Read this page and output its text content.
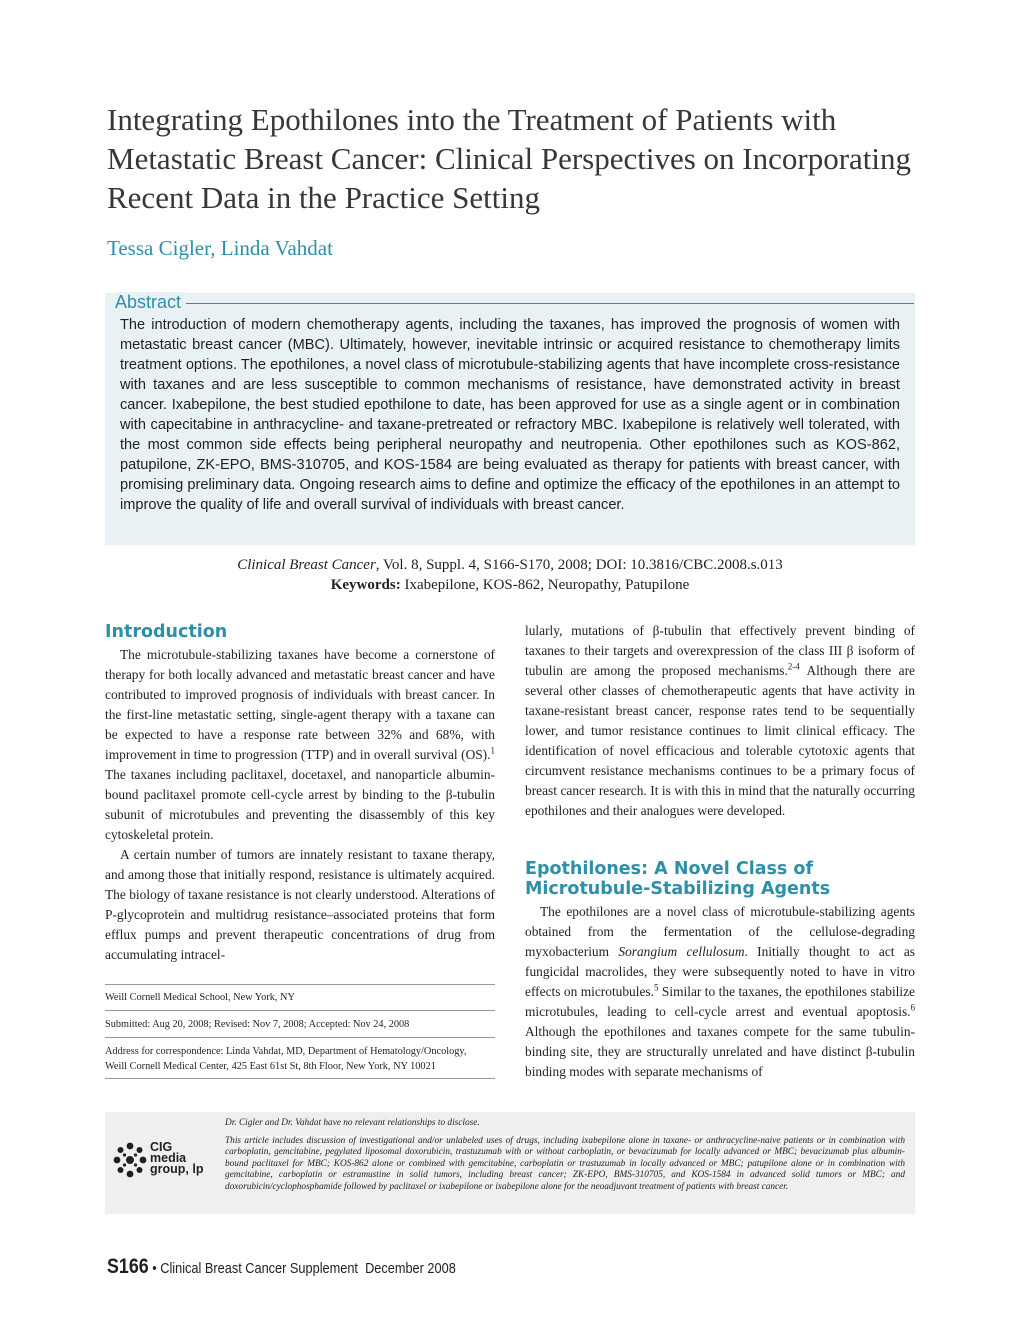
Integrating Epothilones into the Treatment of Patients with Metastatic Breast Cancer: Clinical Perspectives on Incorporating Recent Data in the Practice Setting
Tessa Cigler, Linda Vahdat
Abstract

The introduction of modern chemotherapy agents, including the taxanes, has improved the prognosis of women with metastatic breast cancer (MBC). Ultimately, however, inevitable intrinsic or acquired resistance to chemotherapy limits treatment options. The epothilones, a novel class of microtubule-stabilizing agents that have incomplete cross-resistance with taxanes and are less susceptible to common mechanisms of resistance, have demonstrated activity in breast cancer. Ixabepilone, the best studied epothilone to date, has been approved for use as a single agent or in combination with capecitabine in anthracycline- and taxane-pretreated or refractory MBC. Ixabepilone is relatively well tolerated, with the most common side effects being peripheral neuropathy and neutropenia. Other epothilones such as KOS-862, patupilone, ZK-EPO, BMS-310705, and KOS-1584 are being evaluated as therapy for patients with breast cancer, with promising preliminary data. Ongoing research aims to define and optimize the efficacy of the epothilones in an attempt to improve the quality of life and overall survival of individuals with breast cancer.

Clinical Breast Cancer, Vol. 8, Suppl. 4, S166-S170, 2008; DOI: 10.3816/CBC.2008.s.013
Keywords: Ixabepilone, KOS-862, Neuropathy, Patupilone
Introduction

The microtubule-stabilizing taxanes have become a cornerstone of therapy for both locally advanced and metastatic breast cancer and have contributed to improved prognosis of individuals with breast cancer. In the first-line metastatic setting, single-agent therapy with a taxane can be expected to have a response rate between 32% and 68%, with improvement in time to progression (TTP) and in overall survival (OS).$^1$ The taxanes including paclitaxel, docetaxel, and nanoparticle albumin-bound paclitaxel promote cell-cycle arrest by binding to the β-tubulin subunit of microtubules and preventing the disassembly of this key cytoskeletal protein.

A certain number of tumors are innately resistant to taxane therapy, and among those that initially respond, resistance is ultimately acquired. The biology of taxane resistance is not clearly understood. Alterations of P-glycoprotein and multidrug resistance–associated proteins that form efflux pumps and prevent therapeutic concentrations of drug from accumulating intracel-

lularly, mutations of β-tubulin that effectively prevent binding of taxanes to their targets and overexpression of the class III β isoform of tubulin are among the proposed mechanisms.$^{2-4}$ Although there are several other classes of chemotherapeutic agents that have activity in taxane-resistant breast cancer, response rates tend to be sequentially lower, and tumor resistance continues to limit clinical efficacy. The identification of novel efficacious and tolerable cytotoxic agents that circumvent resistance mechanisms continues to be a primary focus of breast cancer research. It is with this in mind that the naturally occurring epothilones and their analogues were developed.

Epothilones: A Novel Class of
Microtubule-Stabilizing Agents

The epothilones are a novel class of microtubule-stabilizing agents obtained from the fermentation of the cellulose-degrading myxobacterium Sorangium cellulosum. Initially thought to act as fungicidal macrolides, they were subsequently noted to have in vitro effects on microtubules.$^5$ Similar to the taxanes, the epothilones stabilize microtubules, leading to cell-cycle arrest and eventual apoptosis.$^6$ Although the epothilones and taxanes compete for the same tubulin-binding site, they are structurally unrelated and have distinct β-tubulin binding modes with separate mechanisms of

Weill Cornell Medical School, New York, NY
Submitted: Aug 20, 2008; Revised: Nov 7, 2008; Accepted: Nov 24, 2008
Address for correspondence: Linda Vahdat, MD, Department of Hematology/Oncology,
Weill Cornell Medical Center, 425 East 61st St, 8th Floor, New York, NY 10021
Dr. Cigler and Dr. Vahdat have no relevant relationships to disclose.
This article includes discussion of investigational and/or unlabeled uses of drugs, including ixabepilone alone in taxane- or anthracycline-naive patients or in combination with carboplatin, gemcitabine, pegylated liposomal doxorubicin, trastuzumab with or without carboplatin, or bevacizumab for locally advanced or MBC; bevacizumab plus albumin-bound paclitaxel for MBC; KOS-862 alone or combined with gemcitabine, carboplatin or trastuzumab in locally advanced or MBC; patupilone alone or in combination with gemcitabine, carboplatin or estramustine in solid tumors, including breast cancer; ZK-EPO, BMS-310705, and KOS-1584 in advanced solid tumors or MBC; and doxorubicin/cyclophosphamide followed by paclitaxel or ixabepilone or ixabepilone alone for the neoadjuvant treatment of patients with breast cancer.
CIG
media
group, lp
S166 • Clinical Breast Cancer Supplement December 2008
